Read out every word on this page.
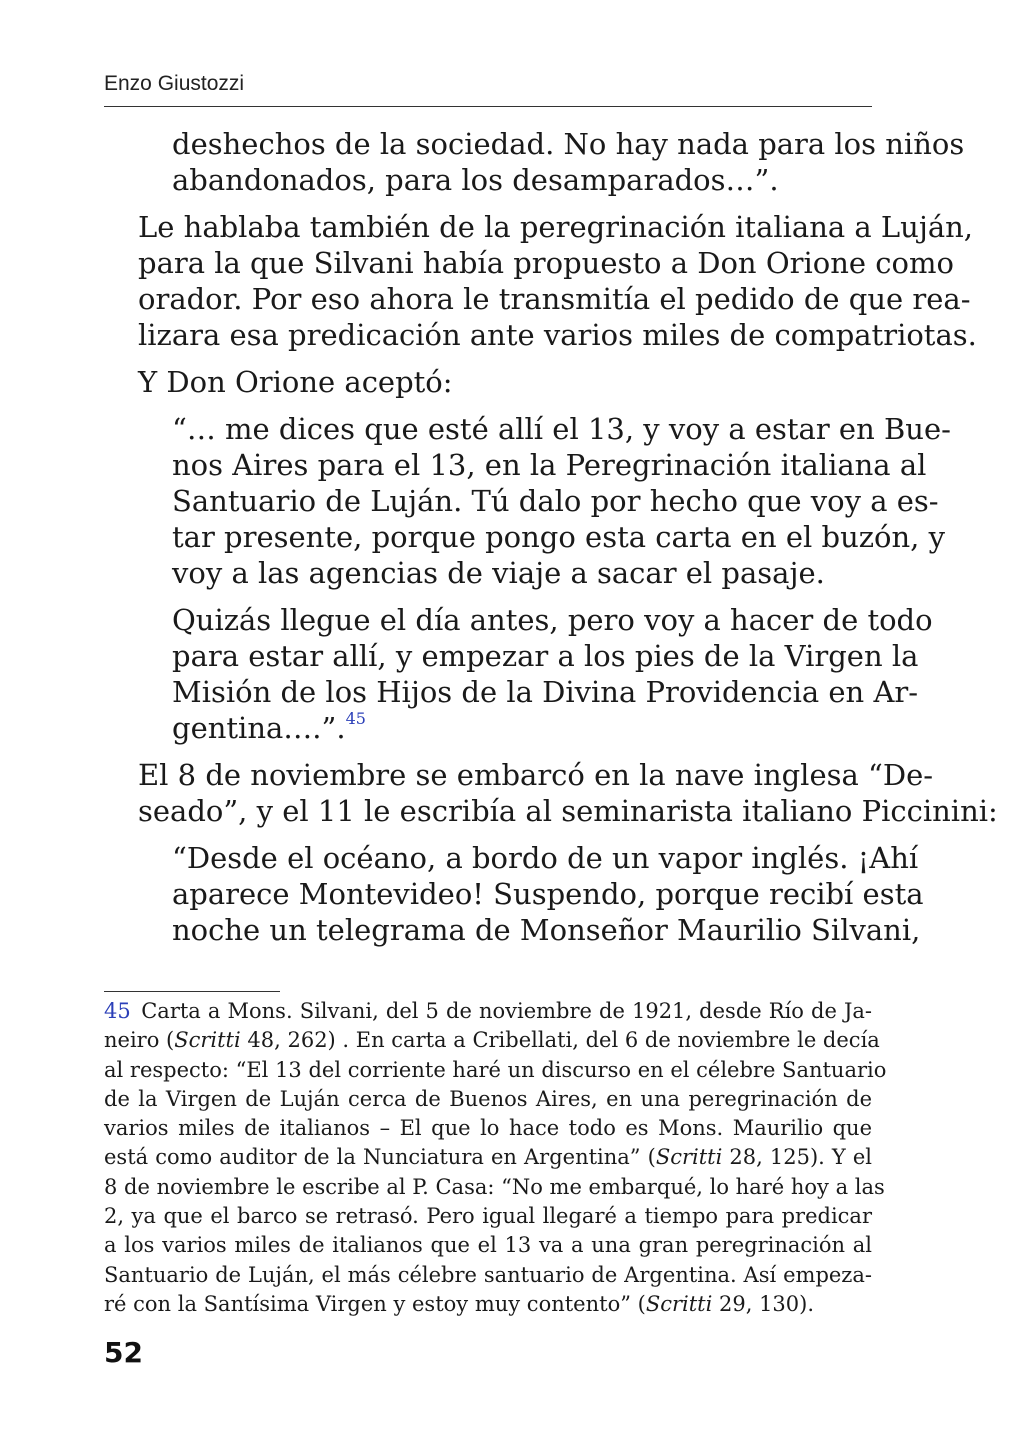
Enzo Giustozzi
deshechos de la sociedad. No hay nada para los niños
abandonados, para los desamparados…”.
Le hablaba también de la peregrinación italiana a Luján,
para la que Silvani había propuesto a Don Orione como
orador. Por eso ahora le transmitía el pedido de que rea-
lizara esa predicación ante varios miles de compatriotas.
Y Don Orione aceptó:
“… me dices que esté allí el 13, y voy a estar en Bue-
nos Aires para el 13, en la Peregrinación italiana al
Santuario de Luján. Tú dalo por hecho que voy a es-
tar presente, porque pongo esta carta en el buzón, y
voy a las agencias de viaje a sacar el pasaje.
Quizás llegue el día antes, pero voy a hacer de todo
para estar allí, y empezar a los pies de la Virgen la
Misión de los Hijos de la Divina Providencia en Ar-
gentina….”.$^{45}$
El 8 de noviembre se embarcó en la nave inglesa “De-
seado”, y el 11 le escribía al seminarista italiano Piccinini:
“Desde el océano, a bordo de un vapor inglés. ¡Ahí
aparece Montevideo! Suspendo, porque recibí esta
noche un telegrama de Monseñor Maurilio Silvani,
45  Carta a Mons. Silvani, del 5 de noviembre de 1921, desde Río de Ja-
neiro (Scritti 48, 262) . En carta a Cribellati, del 6 de noviembre le decía
al respecto: “El 13 del corriente haré un discurso en el célebre Santuario
de la Virgen de Luján cerca de Buenos Aires, en una peregrinación de
varios miles de italianos – El que lo hace todo es Mons. Maurilio que
está como auditor de la Nunciatura en Argentina” (Scritti 28, 125). Y el
8 de noviembre le escribe al P. Casa: “No me embarqué, lo haré hoy a las
2, ya que el barco se retrasó. Pero igual llegaré a tiempo para predicar
a los varios miles de italianos que el 13 va a una gran peregrinación al
Santuario de Luján, el más célebre santuario de Argentina. Así empeza-
ré con la Santísima Virgen y estoy muy contento” (Scritti 29, 130).
52
